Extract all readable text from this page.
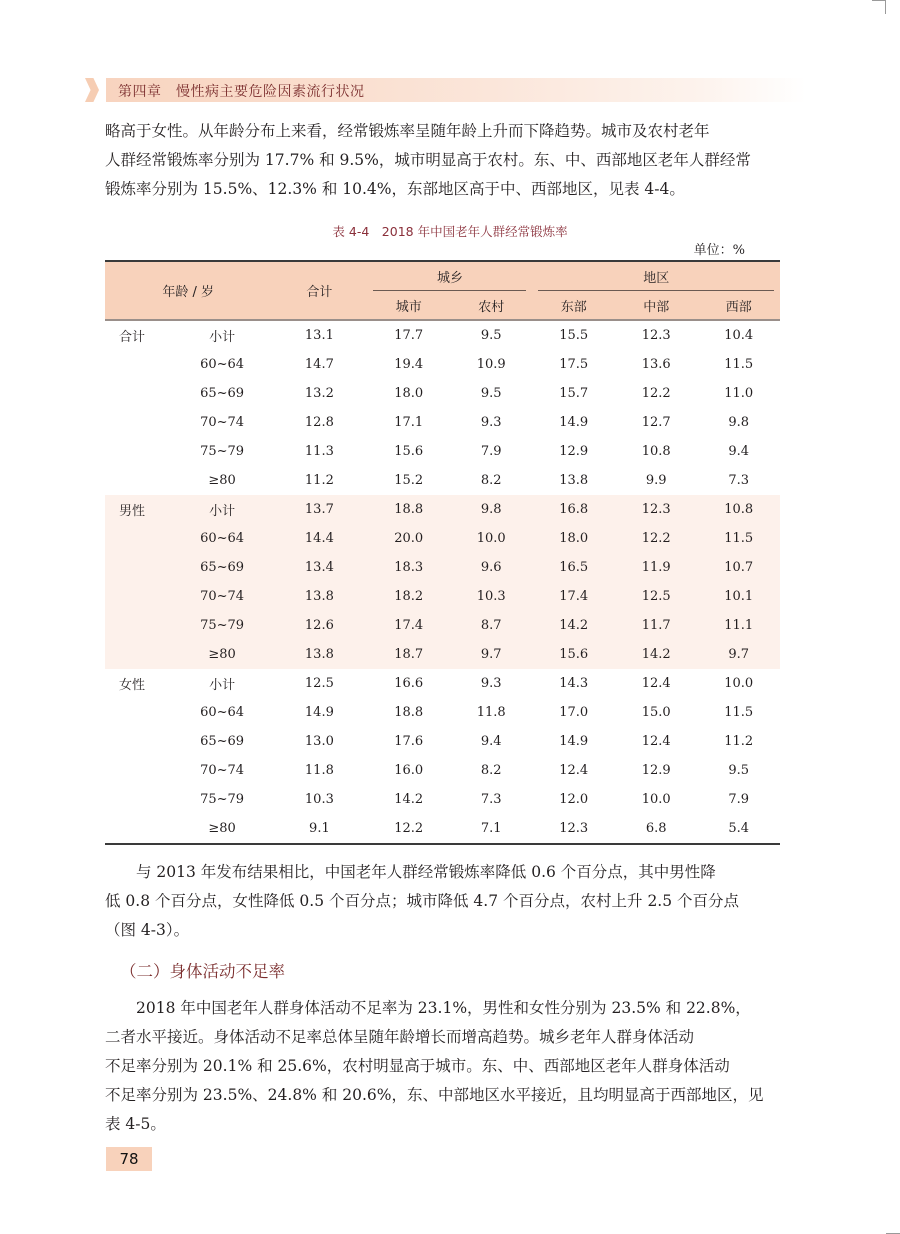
第四章　慢性病主要危险因素流行状况

略高于女性。从年龄分布上来看，经常锻炼率呈随年龄上升而下降趋势。城市及农村老年

人群经常锻炼率分别为 17.7% 和 9.5%，城市明显高于农村。东、中、西部地区老年人群经常

锻炼率分别为 15.5%、12.3% 和 10.4%，东部地区高于中、西部地区，见表 4-4。

表 4-4　2018 年中国老年人群经常锻炼率
单位：%
年龄 / 岁		合计	城乡		地区		
			城市	农村	东部	中部	西部
合计	小计	13.1	17.7	9.5	15.5	12.3	10.4
	60~64	14.7	19.4	10.9	17.5	13.6	11.5
	65~69	13.2	18.0	9.5	15.7	12.2	11.0
	70~74	12.8	17.1	9.3	14.9	12.7	9.8
	75~79	11.3	15.6	7.9	12.9	10.8	9.4
	≥80	11.2	15.2	8.2	13.8	9.9	7.3
男性	小计	13.7	18.8	9.8	16.8	12.3	10.8
	60~64	14.4	20.0	10.0	18.0	12.2	11.5
	65~69	13.4	18.3	9.6	16.5	11.9	10.7
	70~74	13.8	18.2	10.3	17.4	12.5	10.1
	75~79	12.6	17.4	8.7	14.2	11.7	11.1
	≥80	13.8	18.7	9.7	15.6	14.2	9.7
女性	小计	12.5	16.6	9.3	14.3	12.4	10.0
	60~64	14.9	18.8	11.8	17.0	15.0	11.5
	65~69	13.0	17.6	9.4	14.9	12.4	11.2
	70~74	11.8	16.0	8.2	12.4	12.9	9.5
	75~79	10.3	14.2	7.3	12.0	10.0	7.9
	≥80	9.1	12.2	7.1	12.3	6.8	5.4

与 2013 年发布结果相比，中国老年人群经常锻炼率降低 0.6 个百分点，其中男性降

低 0.8 个百分点，女性降低 0.5 个百分点；城市降低 4.7 个百分点，农村上升 2.5 个百分点

（图 4-3）。

（二）身体活动不足率

2018 年中国老年人群身体活动不足率为 23.1%，男性和女性分别为 23.5% 和 22.8%，

二者水平接近。身体活动不足率总体呈随年龄增长而增高趋势。城乡老年人群身体活动

不足率分别为 20.1% 和 25.6%，农村明显高于城市。东、中、西部地区老年人群身体活动

不足率分别为 23.5%、24.8% 和 20.6%，东、中部地区水平接近，且均明显高于西部地区，见

表 4-5。

78
